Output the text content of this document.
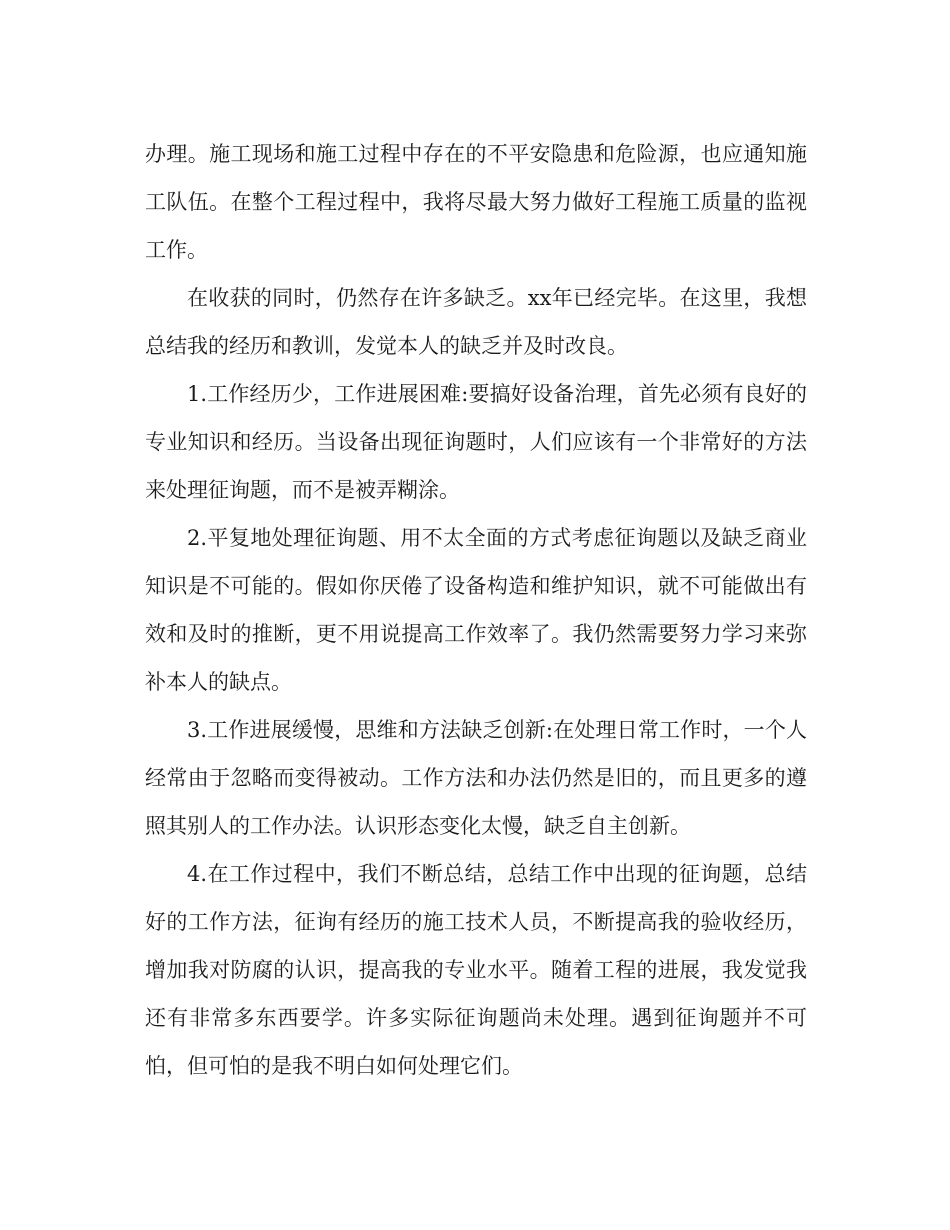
办理。施工现场和施工过程中存在的不平安隐患和危险源，也应通知施工队伍。在整个工程过程中，我将尽最大努力做好工程施工质量的监视工作。

在收获的同时，仍然存在许多缺乏。xx年已经完毕。在这里，我想总结我的经历和教训，发觉本人的缺乏并及时改良。

1.工作经历少，工作进展困难:要搞好设备治理，首先必须有良好的专业知识和经历。当设备出现征询题时，人们应该有一个非常好的方法来处理征询题，而不是被弄糊涂。

2.平复地处理征询题、用不太全面的方式考虑征询题以及缺乏商业知识是不可能的。假如你厌倦了设备构造和维护知识，就不可能做出有效和及时的推断，更不用说提高工作效率了。我仍然需要努力学习来弥补本人的缺点。

3.工作进展缓慢，思维和方法缺乏创新:在处理日常工作时，一个人经常由于忽略而变得被动。工作方法和办法仍然是旧的，而且更多的遵照其别人的工作办法。认识形态变化太慢，缺乏自主创新。

4.在工作过程中，我们不断总结，总结工作中出现的征询题，总结好的工作方法，征询有经历的施工技术人员，不断提高我的验收经历，增加我对防腐的认识，提高我的专业水平。随着工程的进展，我发觉我还有非常多东西要学。许多实际征询题尚未处理。遇到征询题并不可怕，但可怕的是我不明白如何处理它们。
